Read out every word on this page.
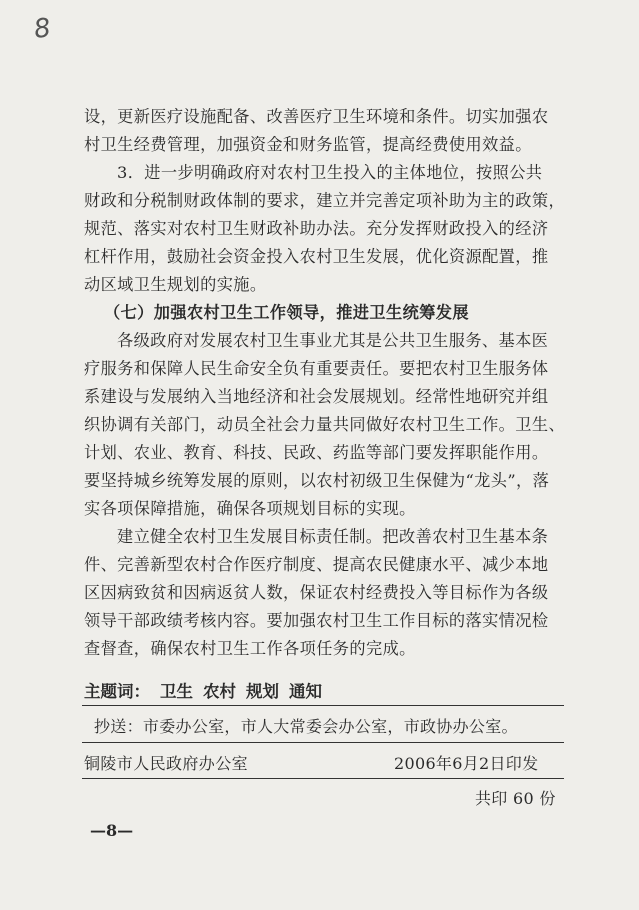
8
设，更新医疗设施配备、改善医疗卫生环境和条件。切实加强农
村卫生经费管理，加强资金和财务监管，提高经费使用效益。
3．进一步明确政府对农村卫生投入的主体地位，按照公共
财政和分税制财政体制的要求，建立并完善定项补助为主的政策，
规范、落实对农村卫生财政补助办法。充分发挥财政投入的经济
杠杆作用，鼓励社会资金投入农村卫生发展，优化资源配置，推
动区域卫生规划的实施。
（七）加强农村卫生工作领导，推进卫生统筹发展
各级政府对发展农村卫生事业尤其是公共卫生服务、基本医
疗服务和保障人民生命安全负有重要责任。要把农村卫生服务体
系建设与发展纳入当地经济和社会发展规划。经常性地研究并组
织协调有关部门，动员全社会力量共同做好农村卫生工作。卫生、
计划、农业、教育、科技、民政、药监等部门要发挥职能作用。
要坚持城乡统筹发展的原则，以农村初级卫生保健为“龙头”，落
实各项保障措施，确保各项规划目标的实现。
建立健全农村卫生发展目标责任制。把改善农村卫生基本条
件、完善新型农村合作医疗制度、提高农民健康水平、减少本地
区因病致贫和因病返贫人数，保证农村经费投入等目标作为各级
领导干部政绩考核内容。要加强农村卫生工作目标的落实情况检
查督查，确保农村卫生工作各项任务的完成。
主题词： 卫生 农村 规划 通知
抄送：市委办公室，市人大常委会办公室，市政协办公室。
铜陵市人民政府办公室	2006年6月2日印发
共印 60 份
—8—
